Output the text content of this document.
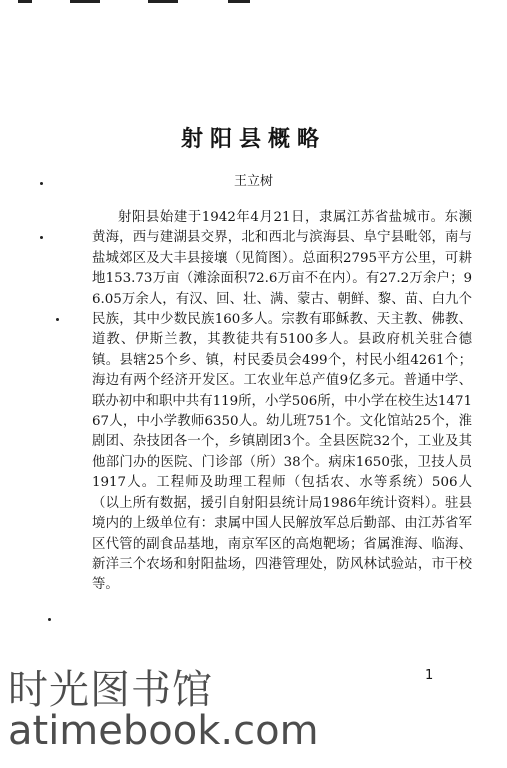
射阳县概略

王立树

射阳县始建于1942年4月21日，隶属江苏省盐城市。东濒黄海，西与建湖县交界，北和西北与滨海县、阜宁县毗邻，南与盐城郊区及大丰县接壤（见简图）。总面积2795平方公里，可耕地153.73万亩（滩涂面积72.6万亩不在内）。有27.2万余户；96.05万余人，有汉、回、壮、满、蒙古、朝鲜、黎、苗、白九个民族，其中少数民族160多人。宗教有耶稣教、天主教、佛教、道教、伊斯兰教，其教徒共有5100多人。县政府机关驻合德镇。县辖25个乡、镇，村民委员会499个，村民小组4261个；海边有两个经济开发区。工农业年总产值9亿多元。普通中学、联办初中和职中共有119所，小学506所，中小学在校生达147167人，中小学教师6350人。幼儿班751个。文化馆站25个，淮剧团、杂技团各一个，乡镇剧团3个。全县医院32个，工业及其他部门办的医院、门诊部（所）38个。病床1650张，卫技人员1917人。工程师及助理工程师（包括农、水等系统）506人（以上所有数据，援引自射阳县统计局1986年统计资料）。驻县境内的上级单位有：隶属中国人民解放军总后勤部、由江苏省军区代管的副食品基地，南京军区的高炮靶场；省属淮海、临海、新洋三个农场和射阳盐场，四港管理处，防风林试验站，市干校等。

1
时光图书馆
atimebook.com
